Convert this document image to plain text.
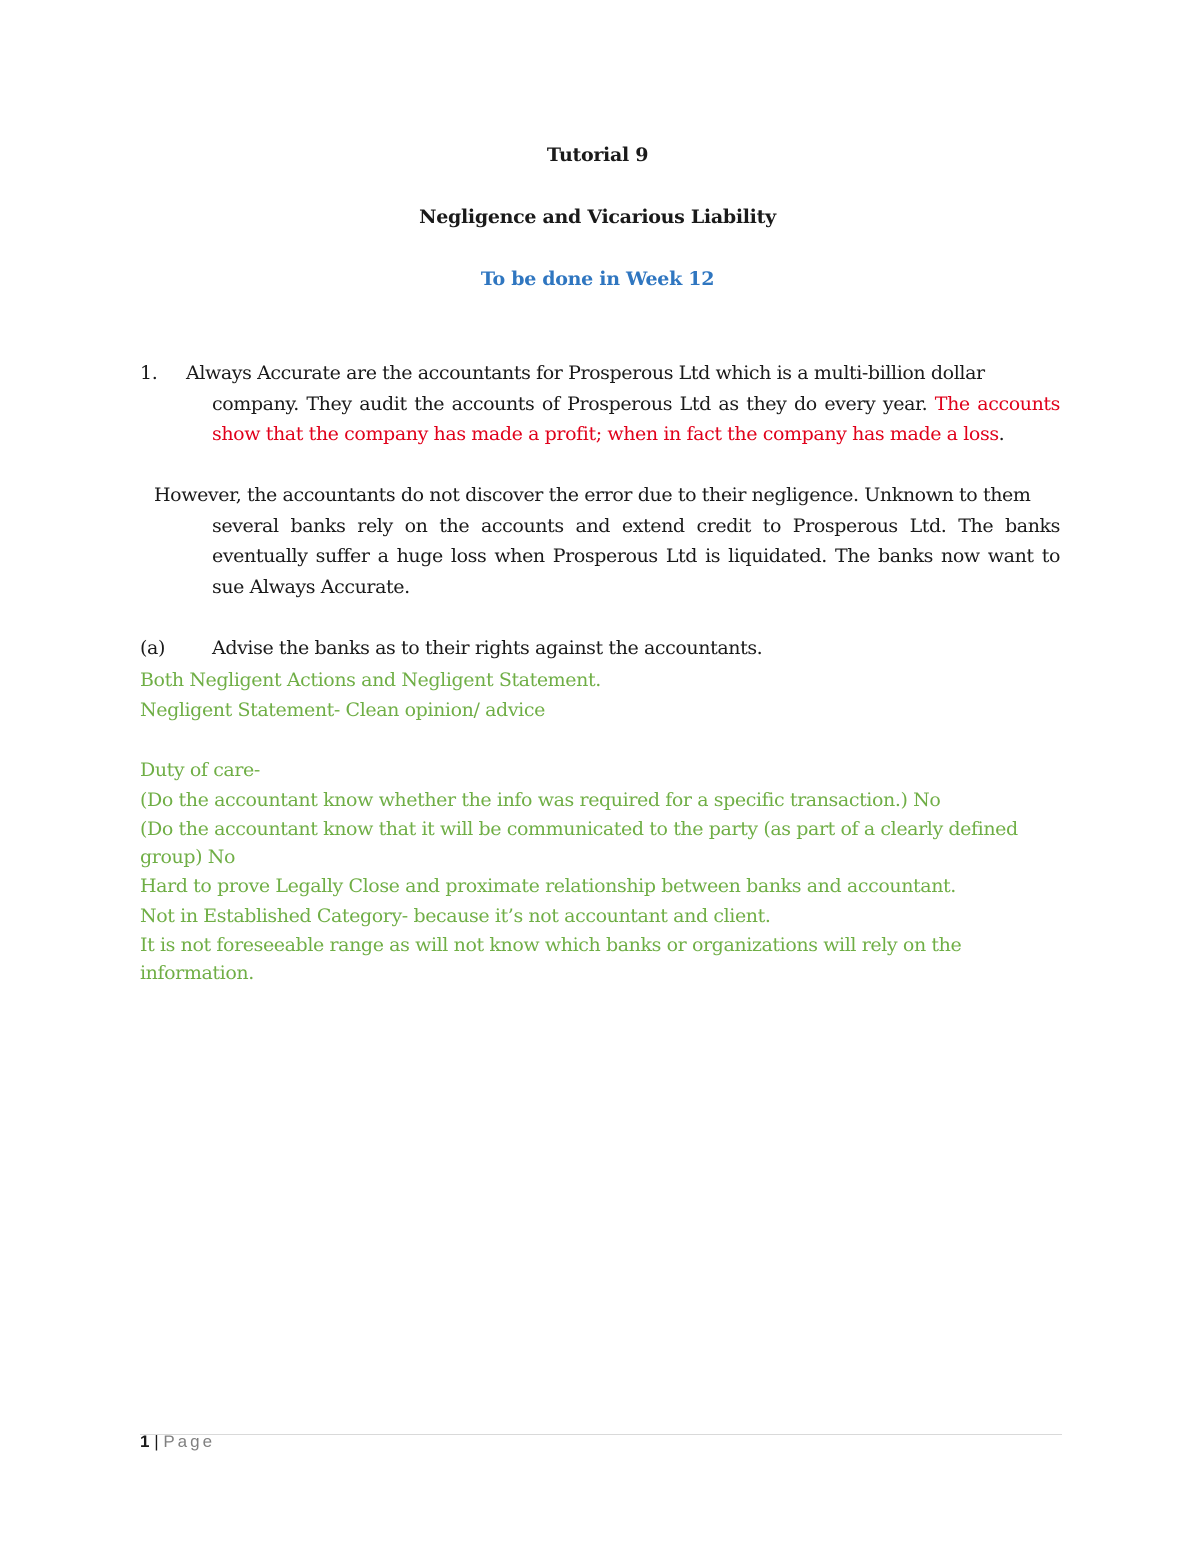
Tutorial 9
Negligence and Vicarious Liability
To be done in Week 12
1.	Always Accurate are the accountants for Prosperous Ltd which is a multi-billion dollar
company. They audit the accounts of Prosperous Ltd as they do every year. The accounts show that the company has made a profit; when in fact the company has made a loss.
However, the accountants do not discover the error due to their negligence. Unknown to them
several banks rely on the accounts and extend credit to Prosperous Ltd. The banks eventually suffer a huge loss when Prosperous Ltd is liquidated. The banks now want to sue Always Accurate.
(a)	Advise the banks as to their rights against the accountants.
Both Negligent Actions and Negligent Statement.
Negligent Statement- Clean opinion/ advice
Duty of care-
(Do the accountant know whether the info was required for a specific transaction.) No
(Do the accountant know that it will be communicated to the party (as part of a clearly defined group) No
Hard to prove Legally Close and proximate relationship between banks and accountant.
Not in Established Category- because it’s not accountant and client.
It is not foreseeable range as will not know which banks or organizations will rely on the information.
1 | Page
